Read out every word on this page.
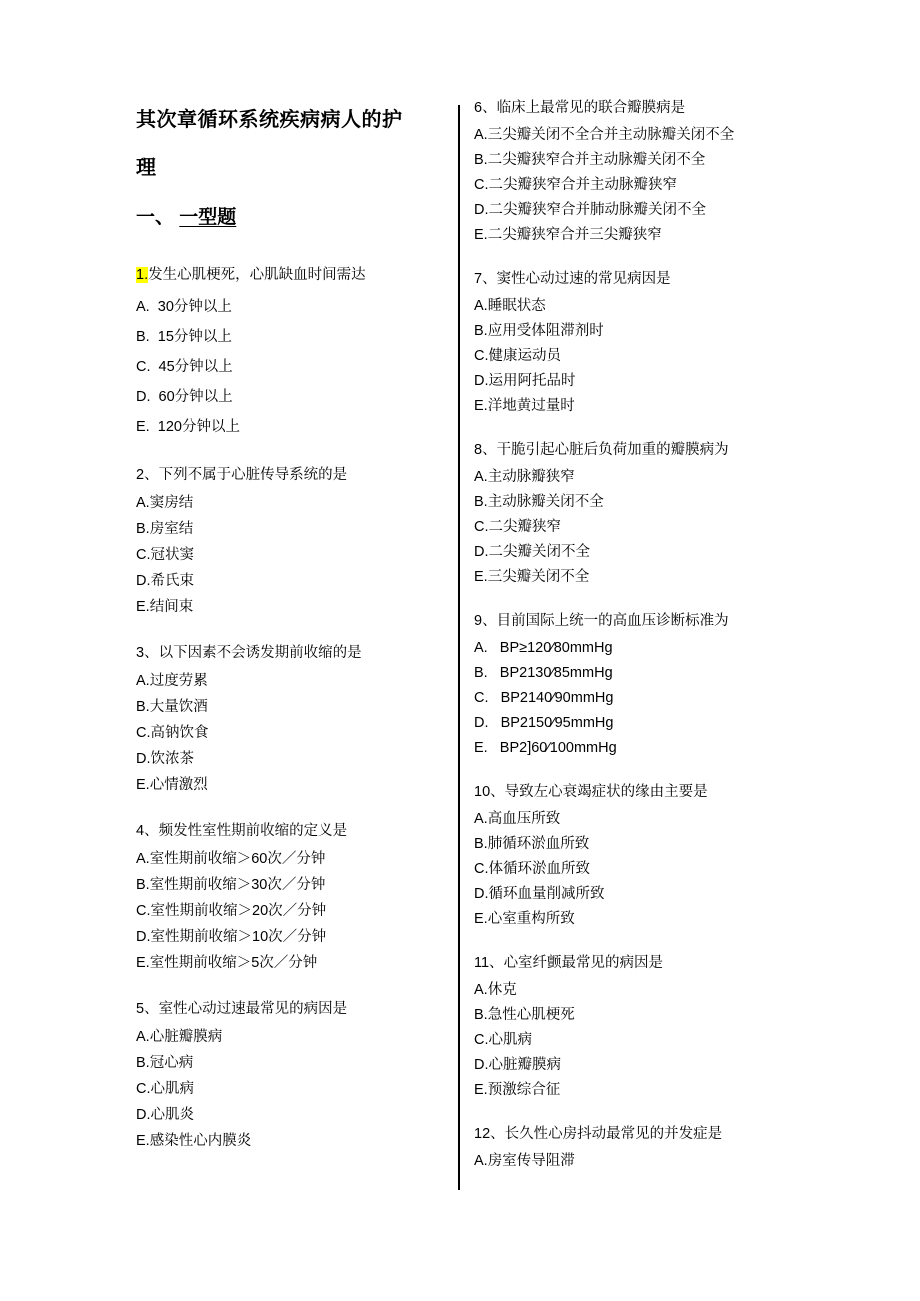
其次章循环系统疾病病人的护
理
一、 一型题
1.发生心肌梗死，心肌缺血时间需达
A.  30分钟以上
B.  15分钟以上
C.  45分钟以上
D.  60分钟以上
E.  120分钟以上
2、下列不属于心脏传导系统的是
A.窦房结
B.房室结
C.冠状窦
D.希氏束
E.结间束
3、以下因素不会诱发期前收缩的是
A.过度劳累
B.大量饮酒
C.高钠饮食
D.饮浓茶
E.心情激烈
4、频发性室性期前收缩的定义是
A.室性期前收缩＞60次／分钟
B.室性期前收缩＞30次／分钟
C.室性期前收缩＞20次／分钟
D.室性期前收缩＞10次／分钟
E.室性期前收缩＞5次／分钟
5、室性心动过速最常见的病因是
A.心脏瓣膜病
B.冠心病
C.心肌病
D.心肌炎
E.感染性心内膜炎
6、临床上最常见的联合瓣膜病是
A.三尖瓣关闭不全合并主动脉瓣关闭不全
B.二尖瓣狭窄合并主动脉瓣关闭不全
C.二尖瓣狭窄合并主动脉瓣狭窄
D.二尖瓣狭窄合并肺动脉瓣关闭不全
E.二尖瓣狭窄合并三尖瓣狭窄
7、窦性心动过速的常见病因是
A.睡眠状态
B.应用受体阻滞剂时
C.健康运动员
D.运用阿托品时
E.洋地黄过量时
8、干脆引起心脏后负荷加重的瓣膜病为
A.主动脉瓣狭窄
B.主动脉瓣关闭不全
C.二尖瓣狭窄
D.二尖瓣关闭不全
E.三尖瓣关闭不全
9、目前国际上统一的高血压诊断标准为
A.   BP≥120⁄80mmHg
B.   BP2130⁄85mmHg
C.   BP2140⁄90mmHg
D.   BP2150⁄95mmHg
E.   BP2]60⁄100mmHg
10、导致左心衰竭症状的缘由主要是
A.高血压所致
B.肺循环淤血所致
C.体循环淤血所致
D.循环血量削减所致
E.心室重构所致
11、心室纤颤最常见的病因是
A.休克
B.急性心肌梗死
C.心肌病
D.心脏瓣膜病
E.预激综合征
12、长久性心房抖动最常见的并发症是
A.房室传导阻滞
